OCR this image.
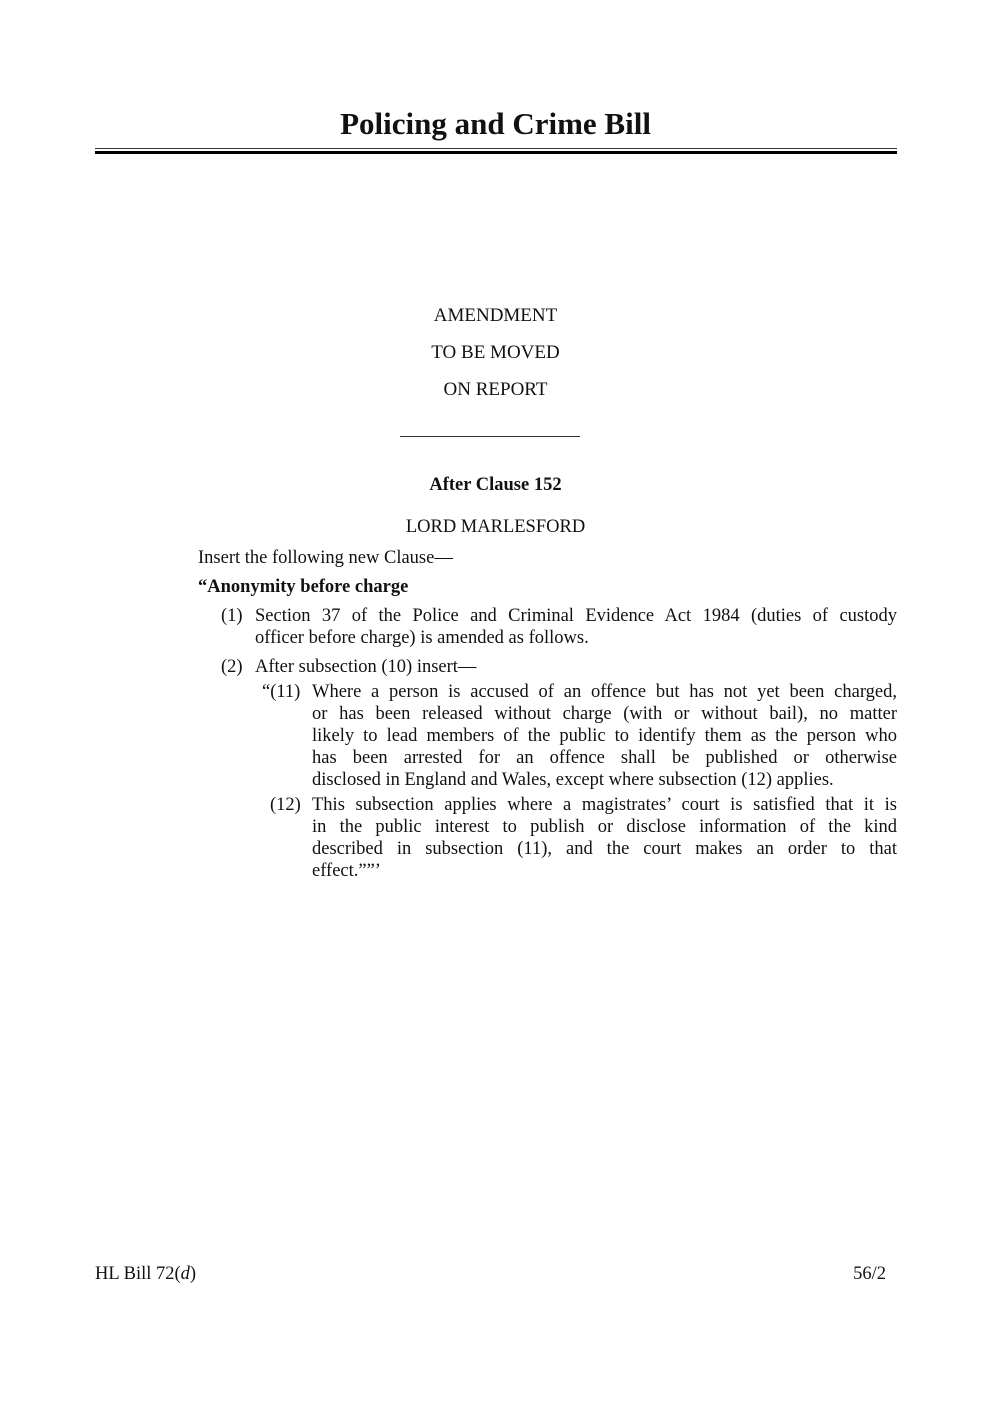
Policing and Crime Bill
AMENDMENT
TO BE MOVED
ON REPORT
After Clause 152
LORD MARLESFORD
Insert the following new Clause—
“Anonymity before charge
(1) Section 37 of the Police and Criminal Evidence Act 1984 (duties of custody
officer before charge) is amended as follows.
(2) After subsection (10) insert—
“(11) Where a person is accused of an offence but has not yet been charged,
or has been released without charge (with or without bail), no matter
likely to lead members of the public to identify them as the person who
has been arrested for an offence shall be published or otherwise
disclosed in England and Wales, except where subsection (12) applies.
(12) This subsection applies where a magistrates’ court is satisfied that it is
in the public interest to publish or disclose information of the kind
described in subsection (11), and the court makes an order to that
effect.””’
HL Bill 72(d)	56/2
